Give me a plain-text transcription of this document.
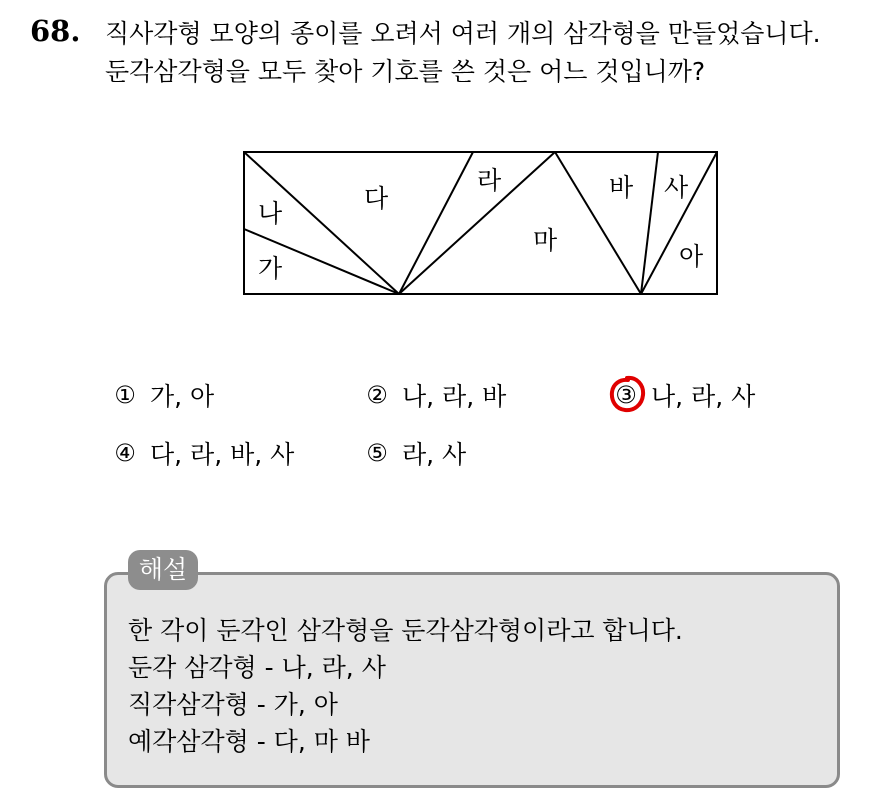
68. 직사각형 모양의 종이를 오려서 여러 개의 삼각형을 만들었습니다.
둔각삼각형을 모두 찾아 기호를 쓴 것은 어느 것입니까?
가
나
다
라
마
바 사
아
① 가, 아	② 나, 라, 바	③ 나, 라, 사
④ 다, 라, 바, 사	⑤ 라, 사
해설
한 각이 둔각인 삼각형을 둔각삼각형이라고 합니다.
둔각 삼각형 - 나, 라, 사
직각삼각형 - 가, 아
예각삼각형 - 다, 마 바
